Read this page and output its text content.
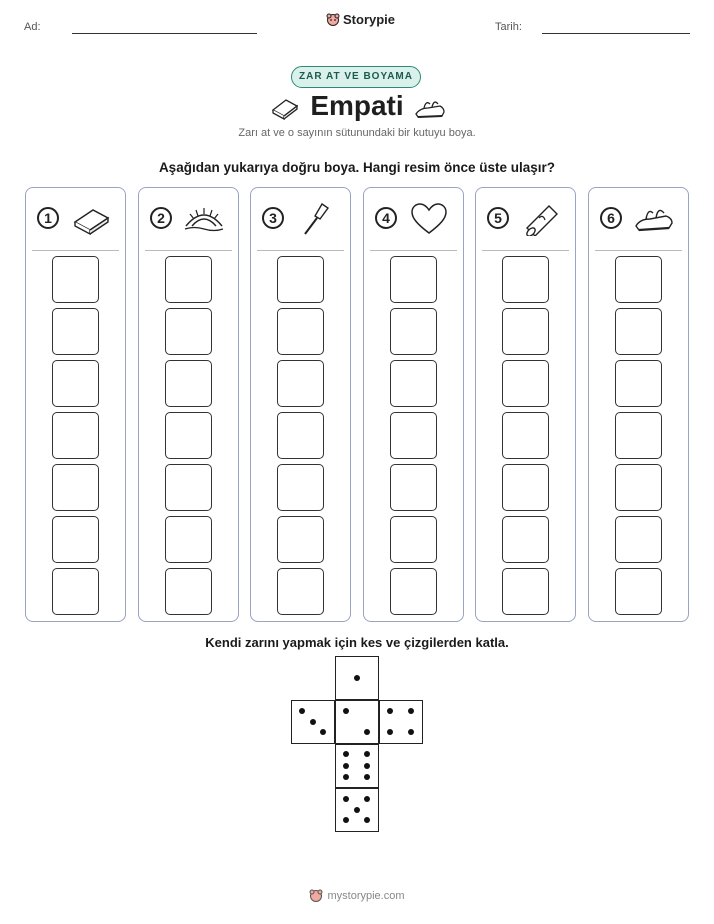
Ad:	Storypie	Tarih:
ZAR AT VE BOYAMA
Empati
Zarı at ve o sayının sütunundaki bir kutuyu boya.
Aşağıdan yukarıya doğru boya. Hangi resim önce üste ulaşır?
1	2	3	4	5	6
Kendi zarını yapmak için kes ve çizgilerden katla.
mystorypie.com
